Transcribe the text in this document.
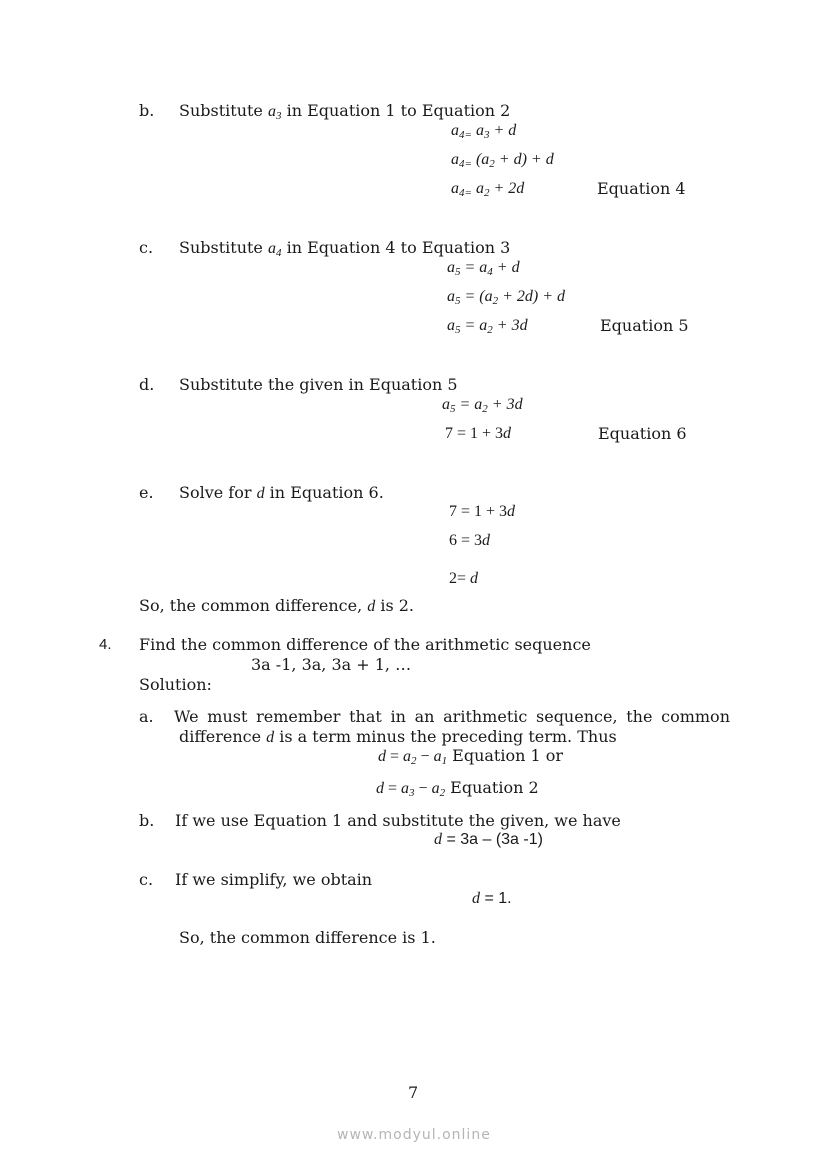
b. Substitute $a_3$ in Equation 1 to Equation 2
$a_{4=}$ $a_3 + d$
$a_{4=}$ $(a_2 + d) + d$
$a_{4=}$ $a_2 + 2d$	Equation 4
c. Substitute $a_4$ in Equation 4 to Equation 3
$a_5 = a_4 + d$
$a_5 = (a_2 + 2d) + d$
$a_5 = a_2 + 3d$	Equation 5
d. Substitute the given in Equation 5
$a_5 = a_2 + 3d$
7 = 1 + 3d	Equation 6
e. Solve for d in Equation 6.
7 = 1 + 3d
6 = 3d
2= d
So, the common difference, d is 2.
4. Find the common difference of the arithmetic sequence
3a -1, 3a, 3a + 1, …
Solution:
a. We must remember that in an arithmetic sequence, the common
difference d is a term minus the preceding term. Thus
$d = a_2 - a_1$ Equation 1 or
$d = a_3 - a_2$ Equation 2
b. If we use Equation 1 and substitute the given, we have
d = 3a – (3a -1)
c. If we simplify, we obtain
d = 1.
So, the common difference is 1.
7
www.modyul.online
